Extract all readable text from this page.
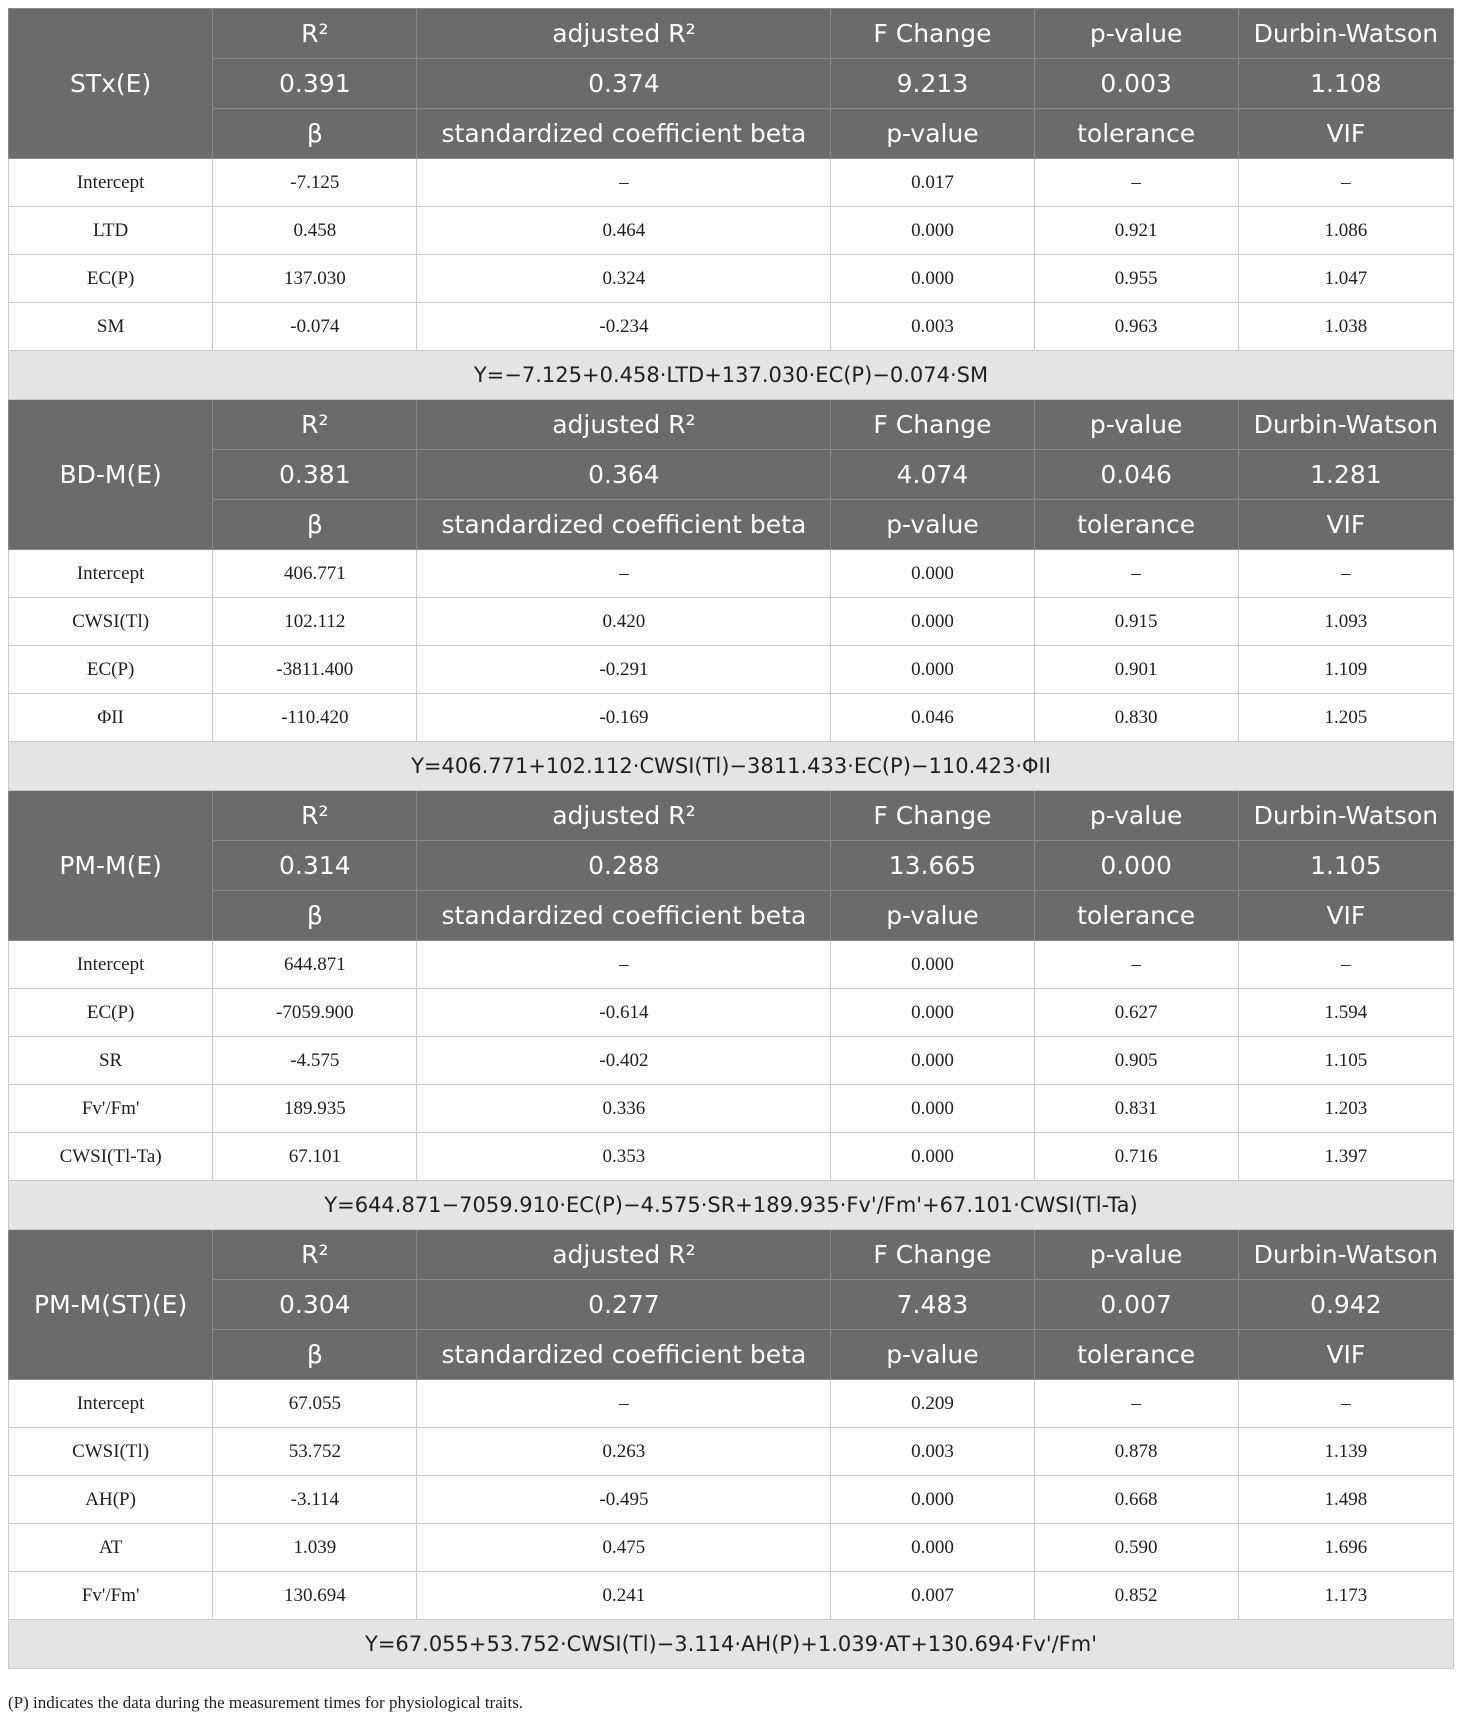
STx(E)	R²	adjusted R²	F Change	p-value	Durbin-Watson
	0.391	0.374	9.213	0.003	1.108
	β	standardized coefficient beta	p-value	tolerance	VIF
Intercept	-7.125	–	0.017	–	–
LTD	0.458	0.464	0.000	0.921	1.086
EC(P)	137.030	0.324	0.000	0.955	1.047
SM	-0.074	-0.234	0.003	0.963	1.038
Y=−7.125+0.458·LTD+137.030·EC(P)−0.074·SM					
BD-M(E)	R²	adjusted R²	F Change	p-value	Durbin-Watson
	0.381	0.364	4.074	0.046	1.281
	β	standardized coefficient beta	p-value	tolerance	VIF
Intercept	406.771	–	0.000	–	–
CWSI(Tl)	102.112	0.420	0.000	0.915	1.093
EC(P)	-3811.400	-0.291	0.000	0.901	1.109
ΦII	-110.420	-0.169	0.046	0.830	1.205
Y=406.771+102.112·CWSI(Tl)−3811.433·EC(P)−110.423·ΦII					
PM-M(E)	R²	adjusted R²	F Change	p-value	Durbin-Watson
	0.314	0.288	13.665	0.000	1.105
	β	standardized coefficient beta	p-value	tolerance	VIF
Intercept	644.871	–	0.000	–	–
EC(P)	-7059.900	-0.614	0.000	0.627	1.594
SR	-4.575	-0.402	0.000	0.905	1.105
Fv'/Fm'	189.935	0.336	0.000	0.831	1.203
CWSI(Tl-Ta)	67.101	0.353	0.000	0.716	1.397
Y=644.871−7059.910·EC(P)−4.575·SR+189.935·Fv'/Fm'+67.101·CWSI(Tl-Ta)					
PM-M(ST)(E)	R²	adjusted R²	F Change	p-value	Durbin-Watson
	0.304	0.277	7.483	0.007	0.942
	β	standardized coefficient beta	p-value	tolerance	VIF
Intercept	67.055	–	0.209	–	–
CWSI(Tl)	53.752	0.263	0.003	0.878	1.139
AH(P)	-3.114	-0.495	0.000	0.668	1.498
AT	1.039	0.475	0.000	0.590	1.696
Fv'/Fm'	130.694	0.241	0.007	0.852	1.173
Y=67.055+53.752·CWSI(Tl)−3.114·AH(P)+1.039·AT+130.694·Fv'/Fm'					
(P) indicates the data during the measurement times for physiological traits.
